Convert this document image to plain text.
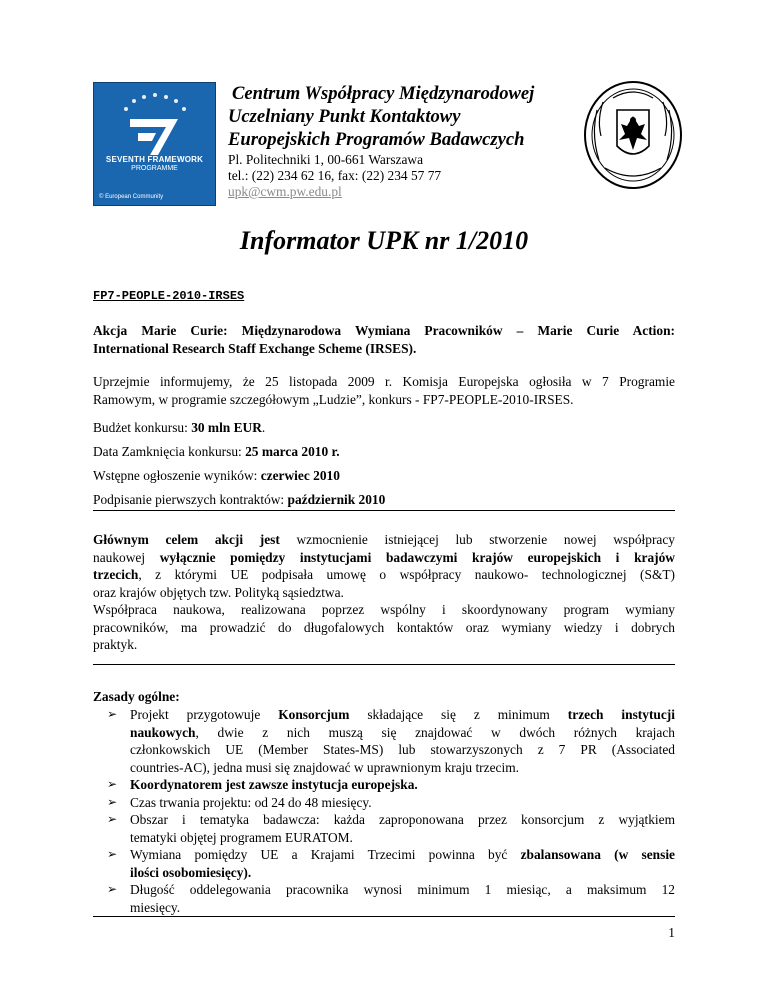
SEVENTH FRAMEWORK
PROGRAMME
© European Community
Centrum Współpracy Międzynarodowej
Uczelniany Punkt Kontaktowy
Europejskich Programów Badawczych
Pl. Politechniki 1, 00-661 Warszawa
tel.: (22) 234 62 16, fax: (22) 234 57 77
upk@cwm.pw.edu.pl
Informator UPK nr 1/2010
FP7-PEOPLE-2010-IRSES
Akcja Marie Curie: Międzynarodowa Wymiana Pracowników – Marie Curie Action:
International Research Staff Exchange Scheme (IRSES).
Uprzejmie informujemy, że 25 listopada 2009 r. Komisja Europejska ogłosiła w 7 Programie
Ramowym, w programie szczegółowym „Ludzie”, konkurs - FP7-PEOPLE-2010-IRSES.
Budżet konkursu: 30 mln EUR.
Data Zamknięcia konkursu: 25 marca 2010 r.
Wstępne ogłoszenie wyników: czerwiec 2010
Podpisanie pierwszych kontraktów: październik 2010
Głównym celem akcji jest wzmocnienie istniejącej lub stworzenie nowej współpracy
naukowej wyłącznie pomiędzy instytucjami badawczymi krajów europejskich i krajów
trzecich, z którymi UE podpisała umowę o współpracy naukowo- technologicznej (S&T)
oraz krajów objętych tzw. Polityką sąsiedztwa.
Współpraca naukowa, realizowana poprzez wspólny i skoordynowany program wymiany
pracowników, ma prowadzić do długofalowych kontaktów oraz wymiany wiedzy i dobrych
praktyk.
Zasady ogólne:
➢ Projekt przygotowuje Konsorcjum składające się z minimum trzech instytucji
naukowych, dwie z nich muszą się znajdować w dwóch różnych krajach
członkowskich UE (Member States-MS) lub stowarzyszonych z 7 PR (Associated
countries-AC), jedna musi się znajdować w uprawnionym kraju trzecim.
➢ Koordynatorem jest zawsze instytucja europejska.
➢ Czas trwania projektu: od 24 do 48 miesięcy.
➢ Obszar i tematyka badawcza: każda zaproponowana przez konsorcjum z wyjątkiem
tematyki objętej programem EURATOM.
➢ Wymiana pomiędzy UE a Krajami Trzecimi powinna być zbalansowana (w sensie
ilości osobomiesięcy).
➢ Długość oddelegowania pracownika wynosi minimum 1 miesiąc, a maksimum 12
miesięcy.
1
